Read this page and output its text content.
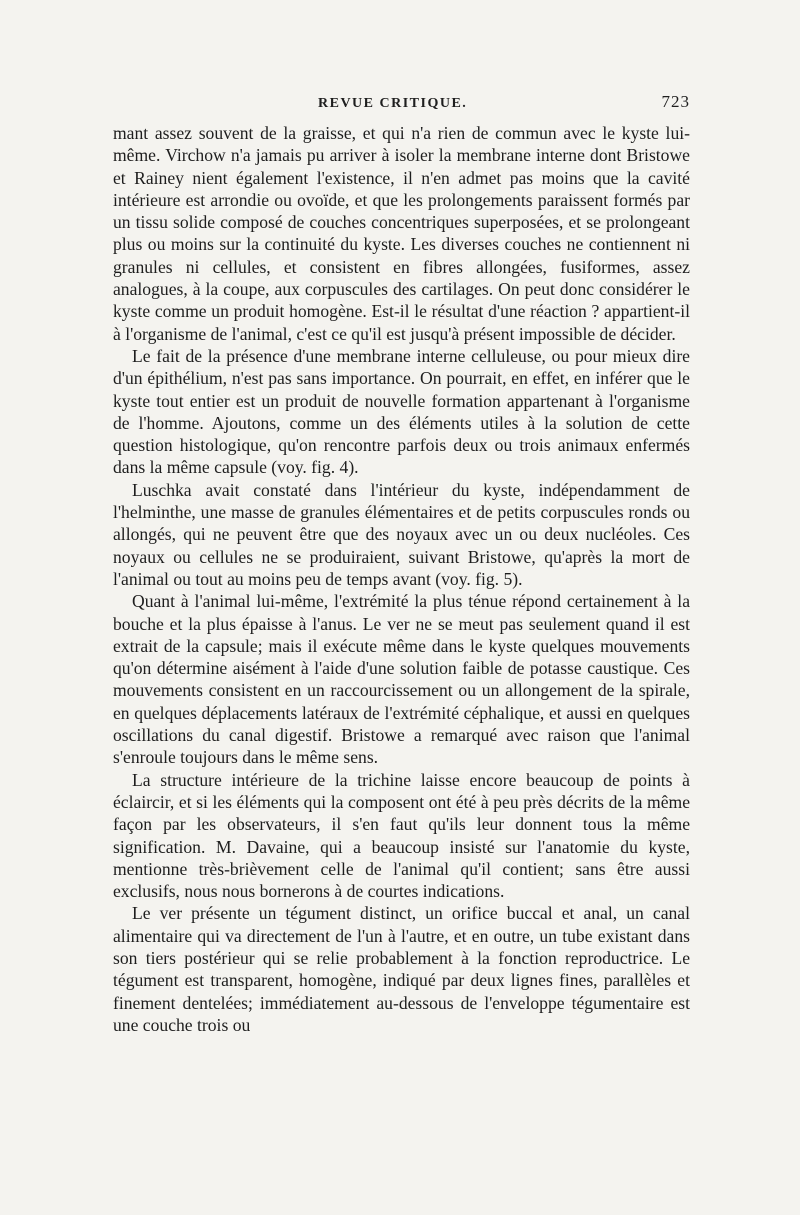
REVUE CRITIQUE.	723

mant assez souvent de la graisse, et qui n'a rien de commun avec le kyste lui-même. Virchow n'a jamais pu arriver à isoler la membrane interne dont Bristowe et Rainey nient également l'existence, il n'en admet pas moins que la cavité intérieure est arrondie ou ovoïde, et que les prolongements paraissent formés par un tissu solide composé de couches concentriques superposées, et se prolongeant plus ou moins sur la continuité du kyste. Les diverses couches ne contiennent ni granules ni cellules, et consistent en fibres allongées, fusiformes, assez analogues, à la coupe, aux corpuscules des cartilages. On peut donc considérer le kyste comme un produit homogène. Est-il le résultat d'une réaction ? appartient-il à l'organisme de l'animal, c'est ce qu'il est jusqu'à présent impossible de décider.

Le fait de la présence d'une membrane interne celluleuse, ou pour mieux dire d'un épithélium, n'est pas sans importance. On pourrait, en effet, en inférer que le kyste tout entier est un produit de nouvelle formation appartenant à l'organisme de l'homme. Ajoutons, comme un des éléments utiles à la solution de cette question histologique, qu'on rencontre parfois deux ou trois animaux enfermés dans la même capsule (voy. fig. 4).

Luschka avait constaté dans l'intérieur du kyste, indépendamment de l'helminthe, une masse de granules élémentaires et de petits corpuscules ronds ou allongés, qui ne peuvent être que des noyaux avec un ou deux nucléoles. Ces noyaux ou cellules ne se produiraient, suivant Bristowe, qu'après la mort de l'animal ou tout au moins peu de temps avant (voy. fig. 5).

Quant à l'animal lui-même, l'extrémité la plus ténue répond certainement à la bouche et la plus épaisse à l'anus. Le ver ne se meut pas seulement quand il est extrait de la capsule; mais il exécute même dans le kyste quelques mouvements qu'on détermine aisément à l'aide d'une solution faible de potasse caustique. Ces mouvements consistent en un raccourcissement ou un allongement de la spirale, en quelques déplacements latéraux de l'extrémité céphalique, et aussi en quelques oscillations du canal digestif. Bristowe a remarqué avec raison que l'animal s'enroule toujours dans le même sens.

La structure intérieure de la trichine laisse encore beaucoup de points à éclaircir, et si les éléments qui la composent ont été à peu près décrits de la même façon par les observateurs, il s'en faut qu'ils leur donnent tous la même signification. M. Davaine, qui a beaucoup insisté sur l'anatomie du kyste, mentionne très-brièvement celle de l'animal qu'il contient; sans être aussi exclusifs, nous nous bornerons à de courtes indications.

Le ver présente un tégument distinct, un orifice buccal et anal, un canal alimentaire qui va directement de l'un à l'autre, et en outre, un tube existant dans son tiers postérieur qui se relie probablement à la fonction reproductrice. Le tégument est transparent, homogène, indiqué par deux lignes fines, parallèles et finement dentelées; immédiatement au-dessous de l'enveloppe tégumentaire est une couche trois ou
